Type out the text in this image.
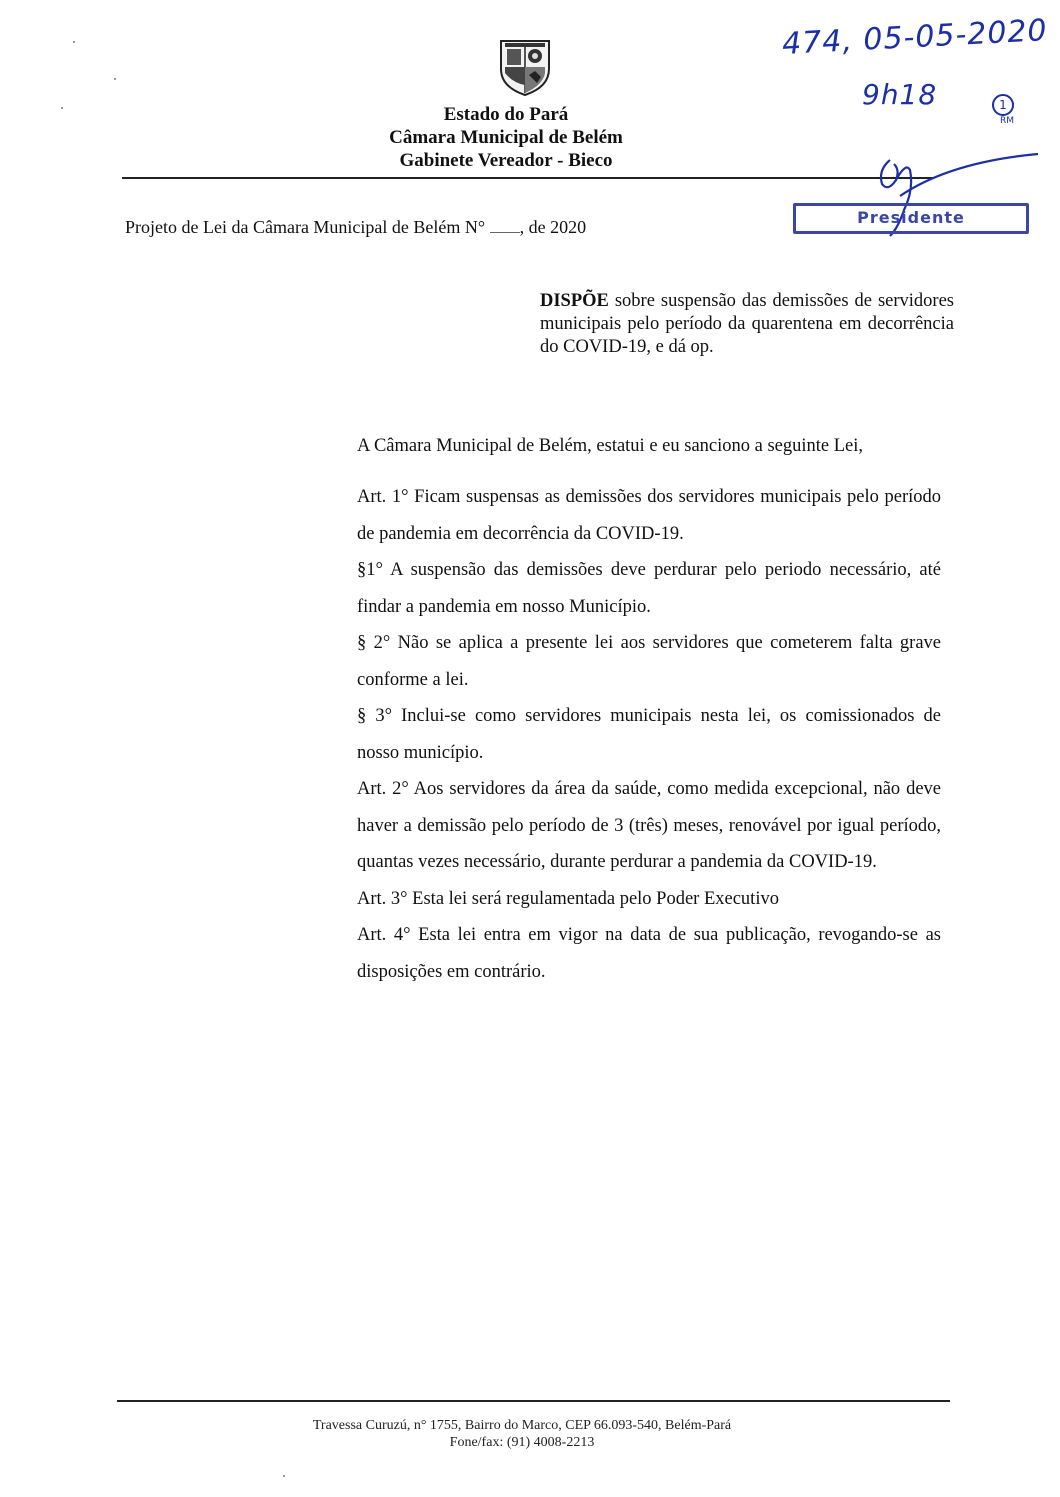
Estado do Pará
Câmara Municipal de Belém
Gabinete Vereador - Bieco
474, 05-05-2020
9h18	1
RM
Presidente
Projeto de Lei da Câmara Municipal de Belém N° , de 2020
DISPÕE sobre suspensão das demissões de servidores municipais pelo período da quarentena em decorrência do COVID-19, e dá op.

A Câmara Municipal de Belém, estatui e eu sanciono a seguinte Lei,

Art. 1° Ficam suspensas as demissões dos servidores municipais pelo período de pandemia em decorrência da COVID-19.

§1° A suspensão das demissões deve perdurar pelo periodo necessário, até findar a pandemia em nosso Município.

§ 2° Não se aplica a presente lei aos servidores que cometerem falta grave conforme a lei.

§ 3° Inclui-se como servidores municipais nesta lei, os comissionados de nosso município.

Art. 2° Aos servidores da área da saúde, como medida excepcional, não deve haver a demissão pelo período de 3 (três) meses, renovável por igual período, quantas vezes necessário, durante perdurar a pandemia da COVID-19.

Art. 3° Esta lei será regulamentada pelo Poder Executivo

Art. 4° Esta lei entra em vigor na data de sua publicação, revogando-se as disposições em contrário.

Travessa Curuzú, n° 1755, Bairro do Marco, CEP 66.093-540, Belém-Pará
Fone/fax: (91) 4008-2213
